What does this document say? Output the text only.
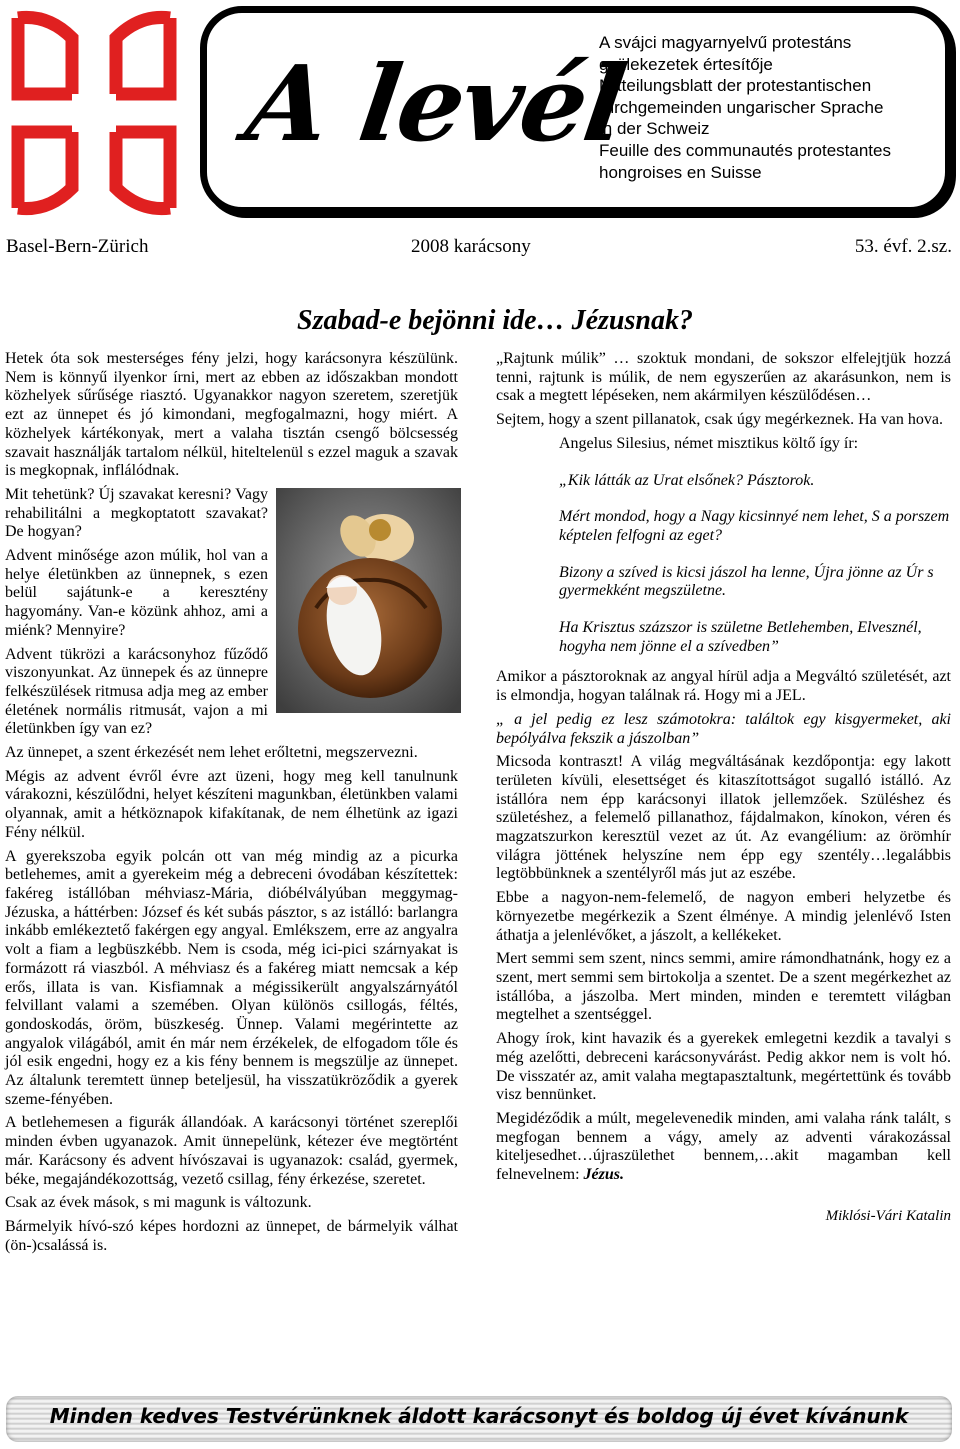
A levél
A svájci magyarnyelvű protestáns
gyülekezetek értesítője
Mitteilungsblatt der protestantischen
Kirchgemeinden ungarischer Sprache
in der Schweiz
Feuille des communautés protestantes
hongroises en Suisse
Basel-Bern-Zürich	2008 karácsony	53. évf. 2.sz.
Szabad-e bejönni ide… Jézusnak?

Hetek óta sok mesterséges fény jelzi, hogy karácsonyra készülünk. Nem is könnyű ilyenkor írni, mert az ebben az időszakban mondott közhelyek sűrűsége riasztó. Ugyanakkor nagyon szeretem, szeretjük ezt az ünnepet és jó kimondani, megfogalmazni, hogy miért. A közhelyek kártékonyak, mert a valaha tisztán csengő bölcsesség szavait használják tartalom nélkül, hiteltelenül s ezzel maguk a szavak is megkopnak, inflálódnak.

Mit tehetünk? Új szavakat keresni? Vagy rehabilitálni a megkoptatott szavakat? De hogyan?

Advent minősége azon múlik, hol van a helye életünkben az ünnepnek, s ezen belül sajátunk-e a keresztény hagyomány. Van-e közünk ahhoz, ami a miénk? Mennyire?

Advent tükrözi a karácsonyhoz fűződő viszonyunkat. Az ünnepek és az ünnepre felkészülések ritmusa adja meg az ember életének normális ritmusát, vajon a mi életünkben így van ez?

Az ünnepet, a szent érkezését nem lehet erőltetni, megszervezni.

Mégis az advent évről évre azt üzeni, hogy meg kell tanulnunk várakozni, készülődni, helyet készíteni magunkban, életünkben valami olyannak, amit a hétköznapok kifakítanak, de nem élhetünk az igazi Fény nélkül.

A gyerekszoba egyik polcán ott van még mindig az a picurka betlehemes, amit a gyerekeim még a debreceni óvodában készítettek: fakéreg istállóban méhviasz-Mária, dióbélvályúban meggymag-Jézuska, a háttérben: József és két subás pásztor, s az istálló: barlangra inkább emlékeztető fakérgen egy angyal. Emlékszem, erre az angyalra volt a fiam a legbüszkébb. Nem is csoda, még ici-pici szárnyakat is formázott rá viaszból. A méhviasz és a fakéreg miatt nemcsak a kép erős, illata is van. Kisfiamnak a mégissikerült angyalszárnyától felvillant valami a szemében. Olyan különös csillogás, féltés, gondoskodás, öröm, büszkeség. Ünnep. Valami megérintette az angyalok világából, amit én már nem érzékelek, de elfogadom tőle és jól esik engedni, hogy ez a kis fény bennem is megszülje az ünnepet. Az általunk teremtett ünnep beteljesül, ha visszatükröződik a gyerek szeme-fényében.

A betlehemesen a figurák állandóak. A karácsonyi történet szereplői minden évben ugyanazok. Amit ünnepelünk, kétezer éve megtörtént már. Karácsony és advent hívószavai is ugyanazok: család, gyermek, béke, megajándékozottság, vezető csillag, fény érkezése, szeretet.

Csak az évek mások, s mi magunk is változunk.

Bármelyik hívó-szó képes hordozni az ünnepet, de bármelyik válhat (ön-)csalássá is.

„Rajtunk múlik” … szoktuk mondani, de sokszor elfelejtjük hozzá tenni, rajtunk is múlik, de nem egyszerűen az akarásunkon, nem is csak a megtett lépéseken, nem akármilyen készülődésen…

Sejtem, hogy a szent pillanatok, csak úgy megérkeznek. Ha van hova.

Angelus Silesius, német misztikus költő így ír:

„Kik látták az Urat elsőnek? Pásztorok.

Mért mondod, hogy a Nagy kicsinnyé nem lehet, S a porszem képtelen felfogni az eget?

Bizony a szíved is kicsi jászol ha lenne, Újra jönne az Úr s gyermekként megszületne.

Ha Krisztus százszor is születne Betlehemben, Elvesznél, hogyha nem jönne el a szívedben”

Amikor a pásztoroknak az angyal hírül adja a Megváltó születését, azt is elmondja, hogyan találnak rá. Hogy mi a JEL.

„ a jel pedig ez lesz számotokra: találtok egy kisgyermeket, aki bepólyálva fekszik a jászolban”

Micsoda kontraszt! A világ megváltásának kezdőpontja: egy lakott területen kívüli, elesettséget és kitaszítottságot sugalló istálló. Az istállóra nem épp karácsonyi illatok jellemzőek. Szüléshez és születéshez, a felemelő pillanathoz, fájdalmakon, kínokon, véren és magzatszurkon keresztül vezet az út. Az evangélium: az örömhír világra jöttének helyszíne nem épp egy szentély…legalábbis legtöbbünknek a szentélyről más jut az eszébe.

Ebbe a nagyon-nem-felemelő, de nagyon emberi helyzetbe és környezetbe megérkezik a Szent élménye. A mindig jelenlévő Isten áthatja a jelenlévőket, a jászolt, a kellékeket.

Mert semmi sem szent, nincs semmi, amire rámondhatnánk, hogy ez a szent, mert semmi sem birtokolja a szentet. De a szent megérkezhet az istállóba, a jászolba. Mert minden, minden e teremtett világban megtelhet a szentséggel.

Ahogy írok, kint havazik és a gyerekek emlegetni kezdik a tavalyi s még azelőtti, debreceni karácsonyvárást. Pedig akkor nem is volt hó. De visszatér az, amit valaha megtapasztaltunk, megértettünk és tovább visz bennünket.

Megidéződik a múlt, megelevenedik minden, ami valaha ránk talált, s megfogan bennem a vágy, amely az adventi várakozással kiteljesedhet…újraszülethet bennem,…akit magamban kell felnevelnem: Jézus.

Miklósi-Vári Katalin
Minden kedves Testvérünknek áldott karácsonyt és boldog új évet kívánunk
